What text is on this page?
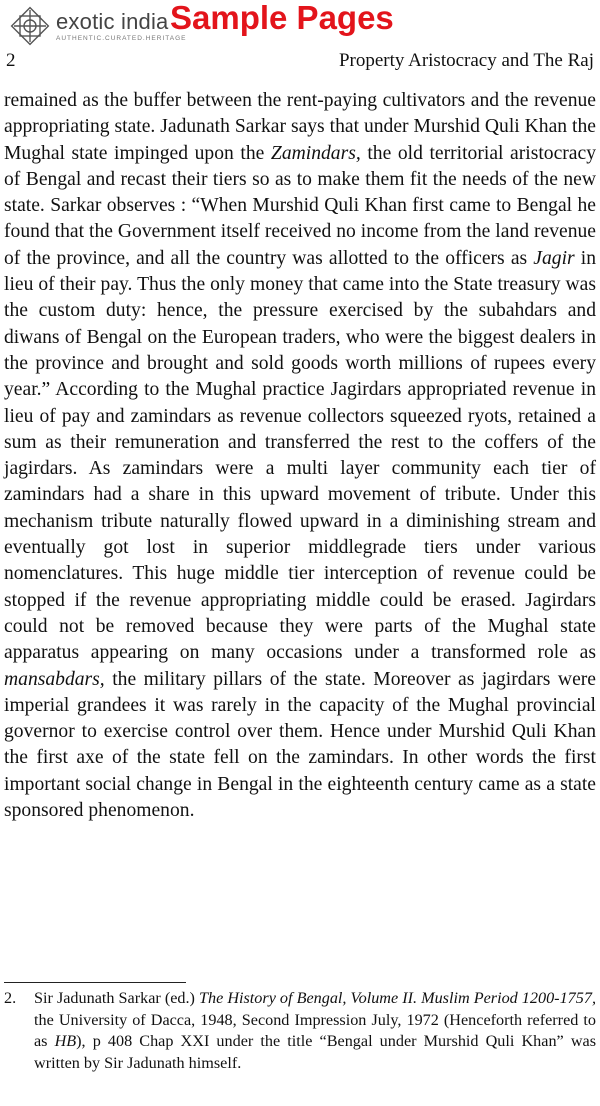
exotic india
AUTHENTIC.CURATED.HERITAGE
Sample Pages
2	Property Aristocracy and The Raj

remained as the buffer between the rent-paying cultivators and the revenue appropriating state. Jadunath Sarkar says that under Murshid Quli Khan the Mughal state impinged upon the Zamindars, the old territorial aristocracy of Bengal and recast their tiers so as to make them fit the needs of the new state. Sarkar observes : “When Murshid Quli Khan first came to Bengal he found that the Government itself received no income from the land revenue of the province, and all the country was allotted to the officers as Jagir in lieu of their pay. Thus the only money that came into the State treasury was the custom duty: hence, the pressure exercised by the subahdars and diwans of Bengal on the European traders, who were the biggest dealers in the province and brought and sold goods worth millions of rupees every year.” According to the Mughal practice Jagirdars appropriated revenue in lieu of pay and zamindars as revenue collectors squeezed ryots, retained a sum as their remuneration and transferred the rest to the coffers of the jagirdars. As zamindars were a multi layer community each tier of zamindars had a share in this upward movement of tribute. Under this mechanism tribute naturally flowed upward in a diminishing stream and eventually got lost in superior middlegrade tiers under various nomenclatures. This huge middle tier interception of revenue could be stopped if the revenue appropriating middle could be erased. Jagirdars could not be removed because they were parts of the Mughal state apparatus appearing on many occasions under a transformed role as mansabdars, the military pillars of the state. Moreover as jagirdars were imperial grandees it was rarely in the capacity of the Mughal provincial governor to exercise control over them. Hence under Murshid Quli Khan the first axe of the state fell on the zamindars. In other words the first important social change in Bengal in the eighteenth century came as a state sponsored phenomenon.

2. Sir Jadunath Sarkar (ed.) The History of Bengal, Volume II. Muslim Period 1200-1757, the University of Dacca, 1948, Second Impression July, 1972 (Henceforth referred to as HB), p 408 Chap XXI under the title “Bengal under Murshid Quli Khan” was written by Sir Jadunath himself.
